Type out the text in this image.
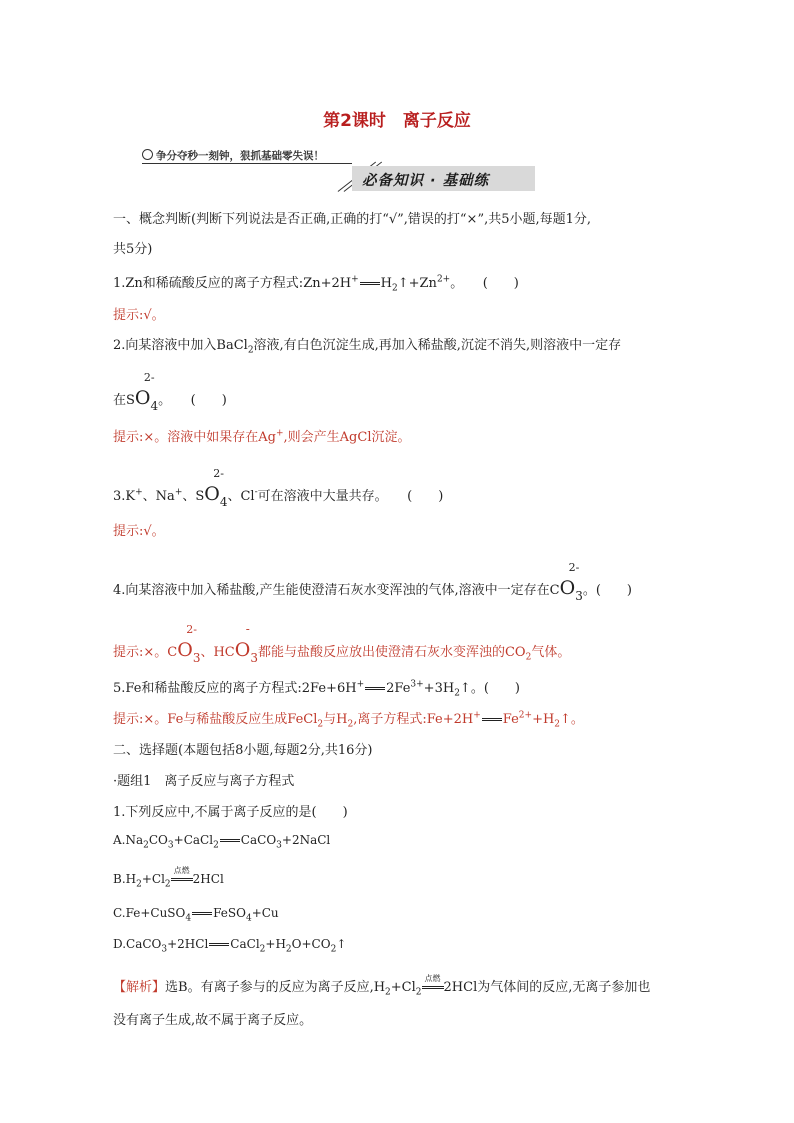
第2课时　离子反应
争分夺秒一刻钟，狠抓基础零失误！
必备知识 · 基础练
一、概念判断(判断下列说法是否正确,正确的打“√”,错误的打“×”,共5小题,每题1分,
共5分)
1.Zn和稀硫酸反应的离子方程式:Zn+2H+ $H_2↑+Zn^{2+}$。　　(　　)
提示:√。
2.向某溶液中加入BaCl$_2$溶液,有白色沉淀生成,再加入稀盐酸,沉淀不消失,则溶液中一定存
在SO
2-
4。　　(　　)
提示:×。溶液中如果存在Ag+,则会产生AgCl沉淀。
3.K+、Na+、SO
2-
4、Cl-可在溶液中大量共存。　　(　　)
提示:√。
4.向某溶液中加入稀盐酸,产生能使澄清石灰水变浑浊的气体,溶液中一定存在CO
2-
3。(　　)
提示:×。CO
2-
3、HCO
-
3都能与盐酸反应放出使澄清石灰水变浑浊的$CO_2$气体。
5.Fe和稀盐酸反应的离子方程式:2Fe+6H+ $2Fe^{3+}+3H_2↑$。(　　)
提示:×。Fe与稀盐酸反应生成FeCl$_2$与$H_2$,离子方程式:Fe+2H+ $Fe^{2+}+H_2↑$。
二、选择题(本题包括8小题,每题2分,共16分)
·题组1　离子反应与离子方程式
1.下列反应中,不属于离子反应的是(　　)
$A.Na_2CO_3+CaCl_2$ CaCO$_3$+2NaCl
$B.H_2+Cl_2$
点燃
2HCl
C.Fe+CuSO$_4$ FeSO$_4$+Cu
D.CaCO$_3$+2HCl $CaCl_2+H_2O+CO_2↑$
【解析】选B。有离子参与的反应为离子反应$,H_2+Cl_2$
点燃
2HCl为气体间的反应,无离子参加也
没有离子生成,故不属于离子反应。
